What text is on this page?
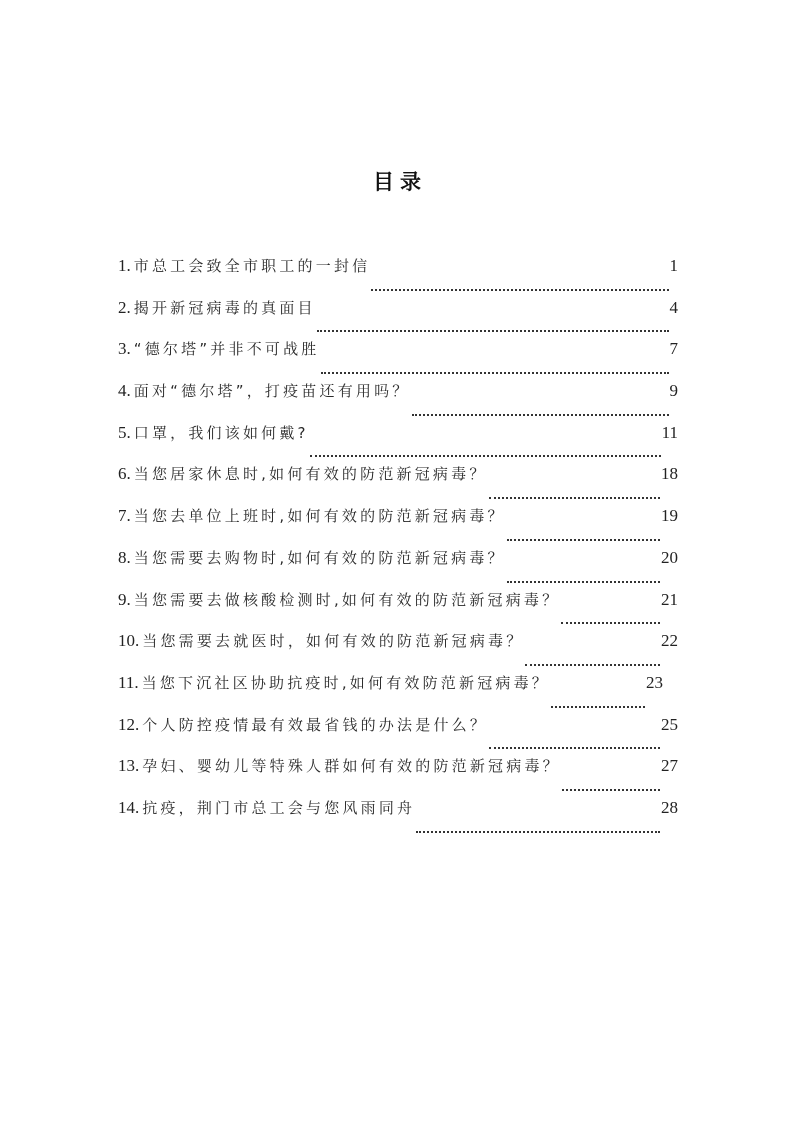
目录
1. 市总工会致全市职工的一封信	1
2. 揭开新冠病毒的真面目	4
3. “德尔塔”并非不可战胜	7
4. 面对“德尔塔”，打疫苗还有用吗？	9
5. 口罩，我们该如何戴?	11
6. 当您居家休息时,如何有效的防范新冠病毒？	18
7. 当您去单位上班时,如何有效的防范新冠病毒？	19
8. 当您需要去购物时,如何有效的防范新冠病毒？	20
9. 当您需要去做核酸检测时,如何有效的防范新冠病毒？	21
10. 当您需要去就医时，如何有效的防范新冠病毒？	22
11. 当您下沉社区协助抗疫时,如何有效防范新冠病毒？	23
12. 个人防控疫情最有效最省钱的办法是什么？	25
13. 孕妇、婴幼儿等特殊人群如何有效的防范新冠病毒？	27
14. 抗疫，荆门市总工会与您风雨同舟	28
